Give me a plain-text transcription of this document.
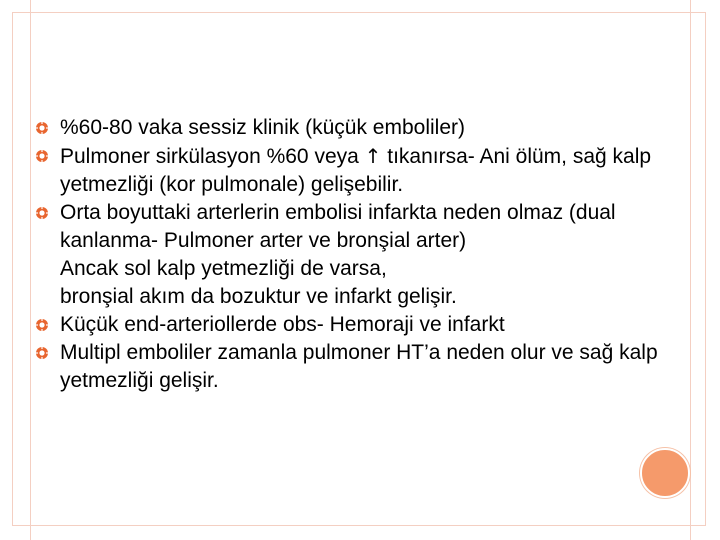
%60-80 vaka sessiz klinik (küçük emboliler)

Pulmoner sirkülasyon %60 veya ↑ tıkanırsa- Ani ölüm, sağ kalp yetmezliği (kor pulmonale) gelişebilir.

Orta boyuttaki arterlerin embolisi infarkta neden olmaz (dual kanlanma- Pulmoner arter ve bronşial arter)

Ancak sol kalp yetmezliği de varsa,

bronşial akım da bozuktur ve infarkt gelişir.

Küçük end-arteriollerde obs- Hemoraji ve infarkt

Multipl emboliler zamanla pulmoner HT’a neden olur ve sağ kalp yetmezliği gelişir.
